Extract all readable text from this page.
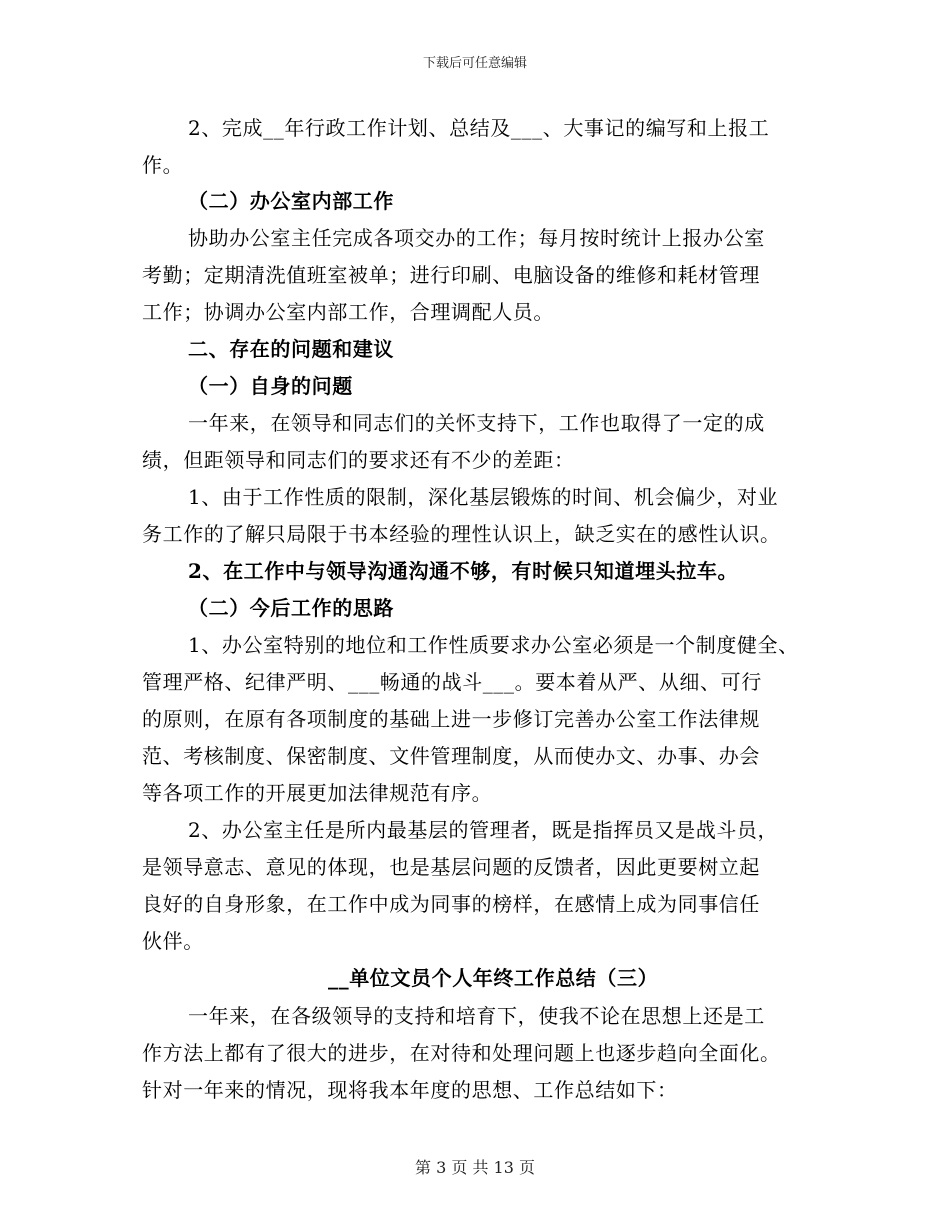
下载后可任意编辑
2、完成__年行政工作计划、总结及___、大事记的编写和上报工
作。
（二）办公室内部工作
协助办公室主任完成各项交办的工作；每月按时统计上报办公室
考勤；定期清洗值班室被单；进行印刷、电脑设备的维修和耗材管理
工作；协调办公室内部工作，合理调配人员。
二、存在的问题和建议
（一）自身的问题
一年来，在领导和同志们的关怀支持下，工作也取得了一定的成
绩，但距领导和同志们的要求还有不少的差距：
1、由于工作性质的限制，深化基层锻炼的时间、机会偏少，对业
务工作的了解只局限于书本经验的理性认识上，缺乏实在的感性认识。
2、在工作中与领导沟通沟通不够，有时候只知道埋头拉车。
（二）今后工作的思路
1、办公室特别的地位和工作性质要求办公室必须是一个制度健全、
管理严格、纪律严明、___畅通的战斗___。要本着从严、从细、可行
的原则，在原有各项制度的基础上进一步修订完善办公室工作法律规
范、考核制度、保密制度、文件管理制度，从而使办文、办事、办会
等各项工作的开展更加法律规范有序。
2、办公室主任是所内最基层的管理者，既是指挥员又是战斗员，
是领导意志、意见的体现，也是基层问题的反馈者，因此更要树立起
良好的自身形象，在工作中成为同事的榜样，在感情上成为同事信任
伙伴。
__单位文员个人年终工作总结（三）
一年来，在各级领导的支持和培育下，使我不论在思想上还是工
作方法上都有了很大的进步，在对待和处理问题上也逐步趋向全面化。
针对一年来的情况，现将我本年度的思想、工作总结如下：
第 3 页 共 13 页
